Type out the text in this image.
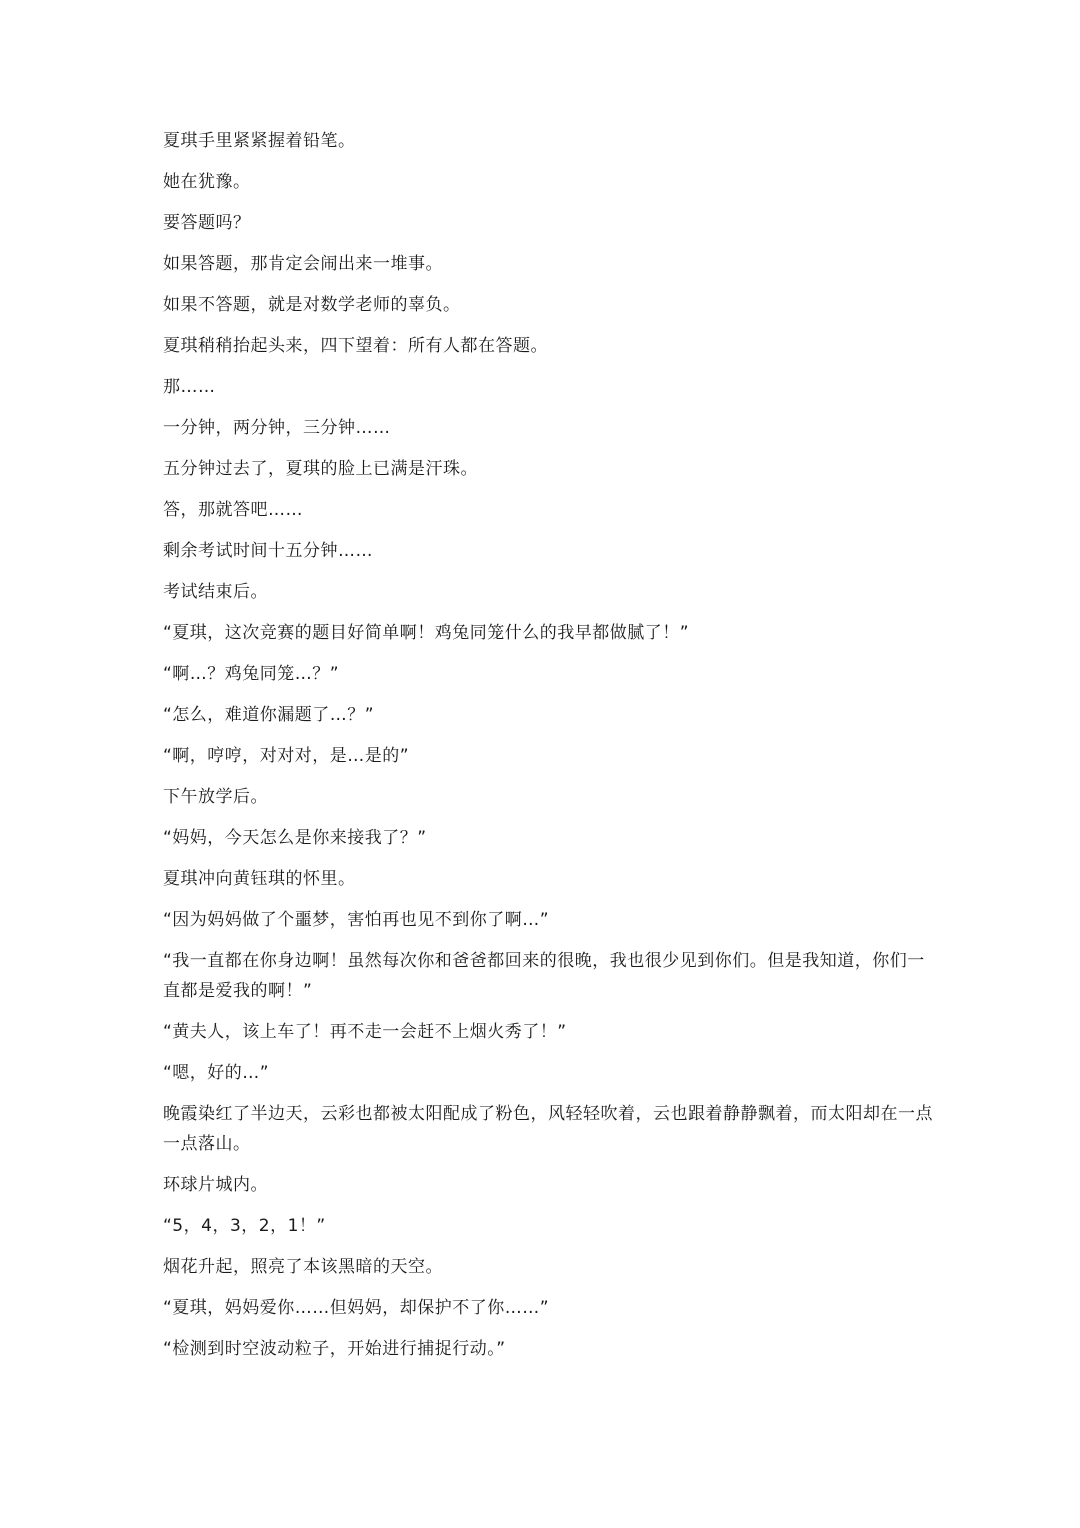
夏琪手里紧紧握着铅笔。

她在犹豫。

要答题吗？

如果答题，那肯定会闹出来一堆事。

如果不答题，就是对数学老师的辜负。

夏琪稍稍抬起头来，四下望着：所有人都在答题。

那……

一分钟，两分钟，三分钟……

五分钟过去了，夏琪的脸上已满是汗珠。

答，那就答吧……

剩余考试时间十五分钟……

考试结束后。

“夏琪，这次竞赛的题目好简单啊！鸡兔同笼什么的我早都做腻了！”

“啊…？鸡兔同笼…？”

“怎么，难道你漏题了…？”

“啊，哼哼，对对对，是…是的”

下午放学后。

“妈妈，今天怎么是你来接我了？”

夏琪冲向黄钰琪的怀里。

“因为妈妈做了个噩梦，害怕再也见不到你了啊…”

“我一直都在你身边啊！虽然每次你和爸爸都回来的很晚，我也很少见到你们。但是我知道，你们一直都是爱我的啊！”

“黄夫人，该上车了！再不走一会赶不上烟火秀了！”

“嗯，好的…”

晚霞染红了半边天，云彩也都被太阳配成了粉色，风轻轻吹着，云也跟着静静飘着，而太阳却在一点一点落山。

环球片城内。

“5，4，3，2，1！”

烟花升起，照亮了本该黑暗的天空。

“夏琪，妈妈爱你……但妈妈，却保护不了你……”

“检测到时空波动粒子，开始进行捕捉行动。”
